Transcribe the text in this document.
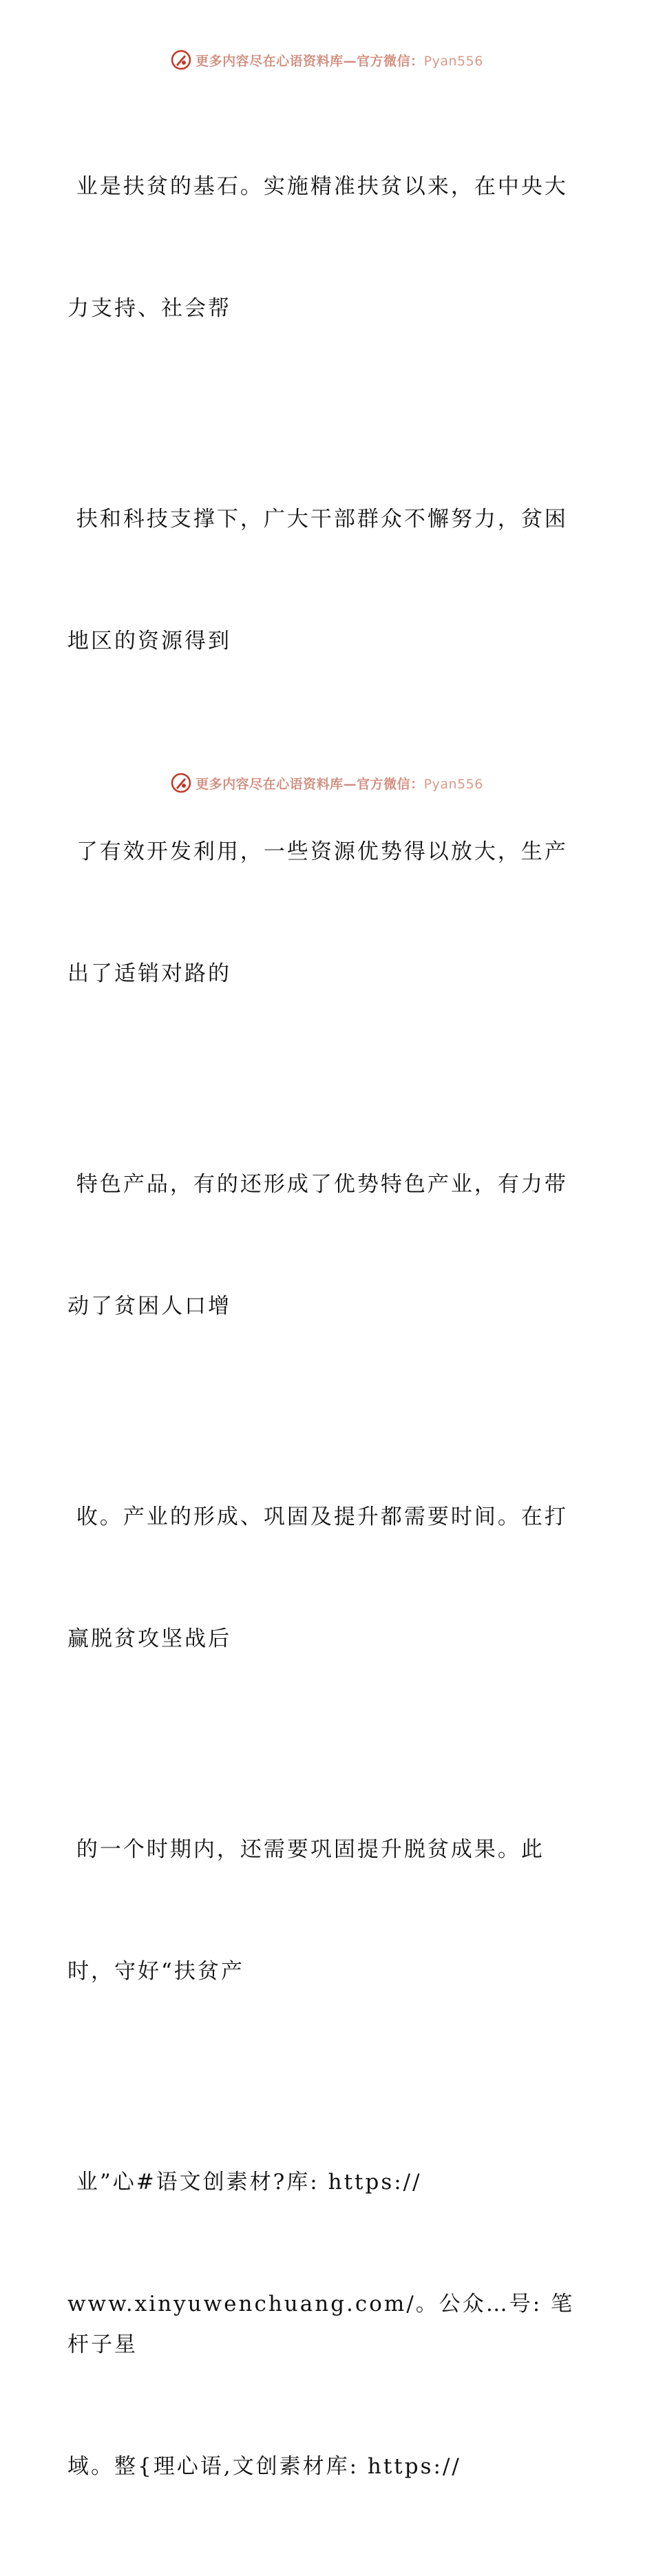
更多内容尽在心语资料库—官方微信：Pyan556

业是扶贫的基石。实施精准扶贫以来，在中央大

力支持、社会帮

扶和科技支撑下，广大干部群众不懈努力，贫困

地区的资源得到

了有效开发利用，一些资源优势得以放大，生产

出了适销对路的

特色产品，有的还形成了优势特色产业，有力带

动了贫困人口增

收。产业的形成、巩固及提升都需要时间。在打

赢脱贫攻坚战后

的一个时期内，还需要巩固提升脱贫成果。此

时，守好“扶贫产

业”心#语文创素材?库: https://

www.xinyuwenchuang.com/。公众…号: 笔杆子星

域。整{理心语,文创素材库: https://

更多内容尽在心语资料库—官方微信：Pyan556
